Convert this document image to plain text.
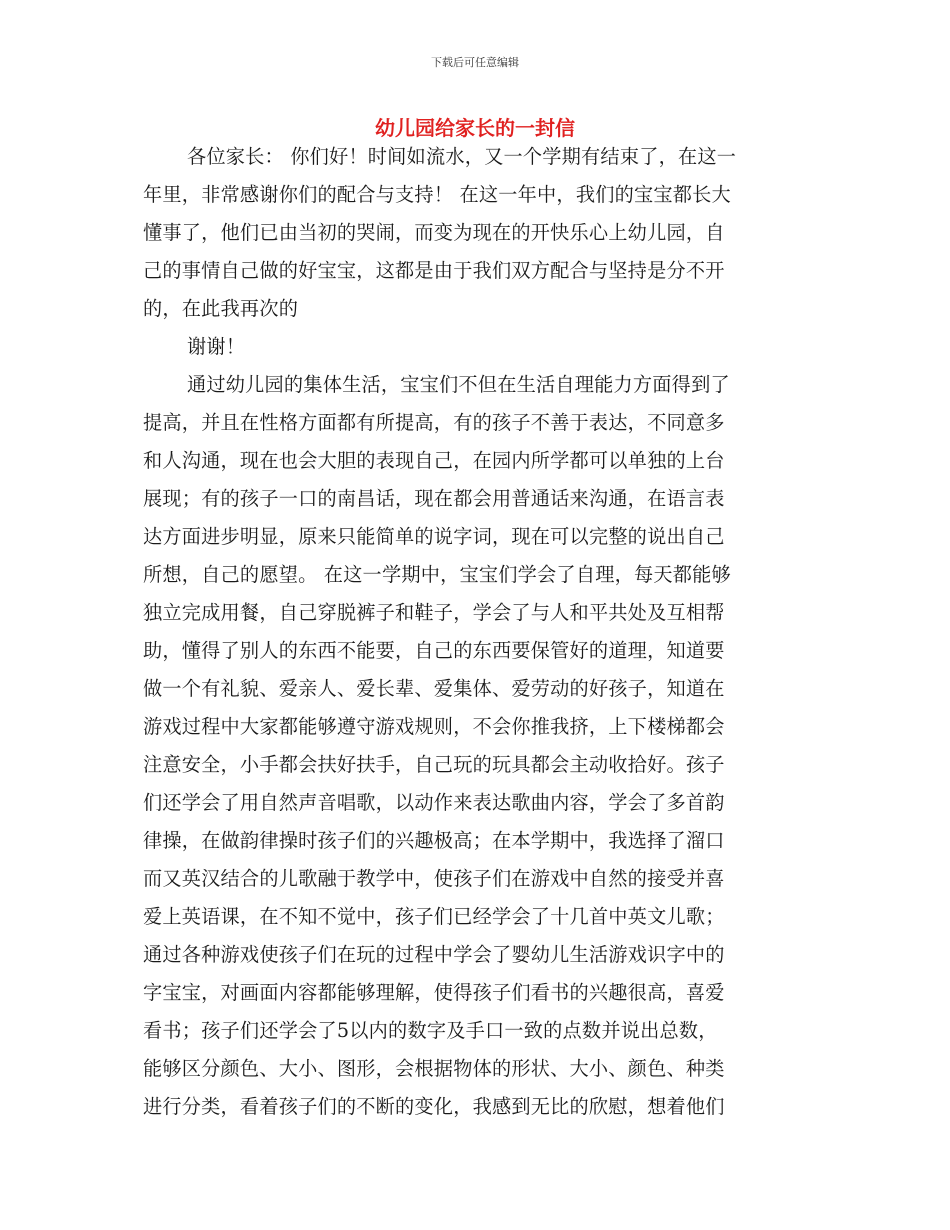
下载后可任意编辑
幼儿园给家长的一封信
各位家长： 你们好！时间如流水，又一个学期有结束了，在这一
年里，非常感谢你们的配合与支持！ 在这一年中，我们的宝宝都长大
懂事了，他们已由当初的哭闹，而变为现在的开快乐心上幼儿园，自
己的事情自己做的好宝宝，这都是由于我们双方配合与坚持是分不开
的，在此我再次的
谢谢！
通过幼儿园的集体生活，宝宝们不但在生活自理能力方面得到了
提高，并且在性格方面都有所提高，有的孩子不善于表达，不同意多
和人沟通，现在也会大胆的表现自己，在园内所学都可以单独的上台
展现；有的孩子一口的南昌话，现在都会用普通话来沟通，在语言表
达方面进步明显，原来只能简单的说字词，现在可以完整的说出自己
所想，自己的愿望。 在这一学期中，宝宝们学会了自理，每天都能够
独立完成用餐，自己穿脱裤子和鞋子，学会了与人和平共处及互相帮
助，懂得了别人的东西不能要，自己的东西要保管好的道理，知道要
做一个有礼貌、爱亲人、爱长辈、爱集体、爱劳动的好孩子，知道在
游戏过程中大家都能够遵守游戏规则，不会你推我挤，上下楼梯都会
注意安全，小手都会扶好扶手，自己玩的玩具都会主动收拾好。孩子
们还学会了用自然声音唱歌，以动作来表达歌曲内容，学会了多首韵
律操，在做韵律操时孩子们的兴趣极高；在本学期中，我选择了溜口
而又英汉结合的儿歌融于教学中，使孩子们在游戏中自然的接受并喜
爱上英语课，在不知不觉中，孩子们已经学会了十几首中英文儿歌；
通过各种游戏使孩子们在玩的过程中学会了婴幼儿生活游戏识字中的
字宝宝，对画面内容都能够理解，使得孩子们看书的兴趣很高，喜爱
看书；孩子们还学会了5以内的数字及手口一致的点数并说出总数，
能够区分颜色、大小、图形，会根据物体的形状、大小、颜色、种类
进行分类，看着孩子们的不断的变化，我感到无比的欣慰，想着他们
